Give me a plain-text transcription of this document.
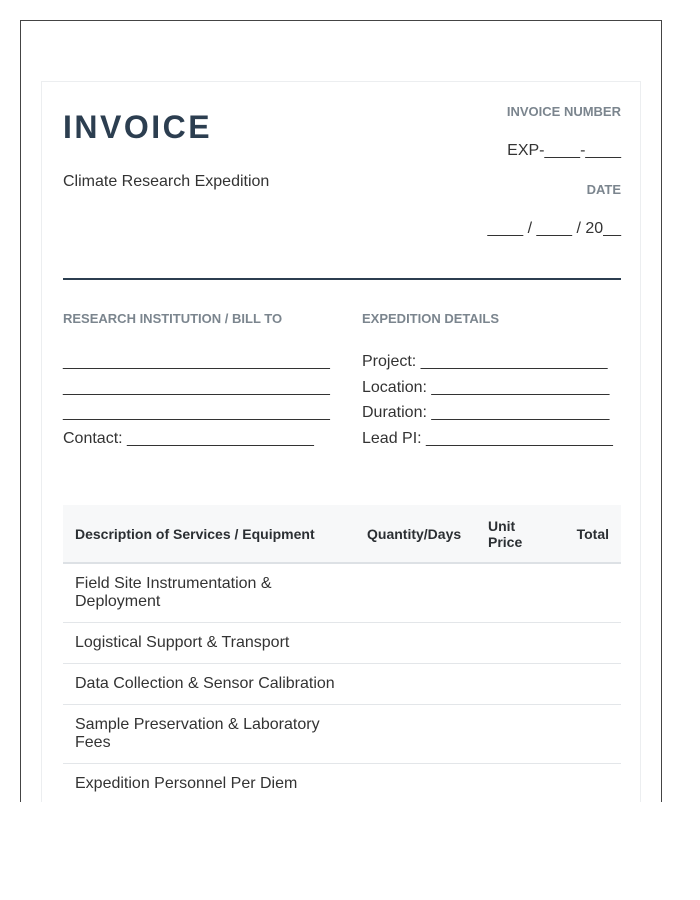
INVOICE
Climate Research Expedition
INVOICE NUMBER
EXP-____-____
DATE
____ / ____ / 20__
RESEARCH INSTITUTION / BILL TO
______________________________
______________________________
______________________________
Contact: _____________________
EXPEDITION DETAILS
Project: _____________________
Location: ____________________
Duration: ____________________
Lead PI: _____________________
Description of Services / Equipment	Quantity/Days	Unit Price	Total
Field Site Instrumentation & Deployment			
Logistical Support & Transport			
Data Collection & Sensor Calibration			
Sample Preservation & Laboratory Fees			
Expedition Personnel Per Diem			
